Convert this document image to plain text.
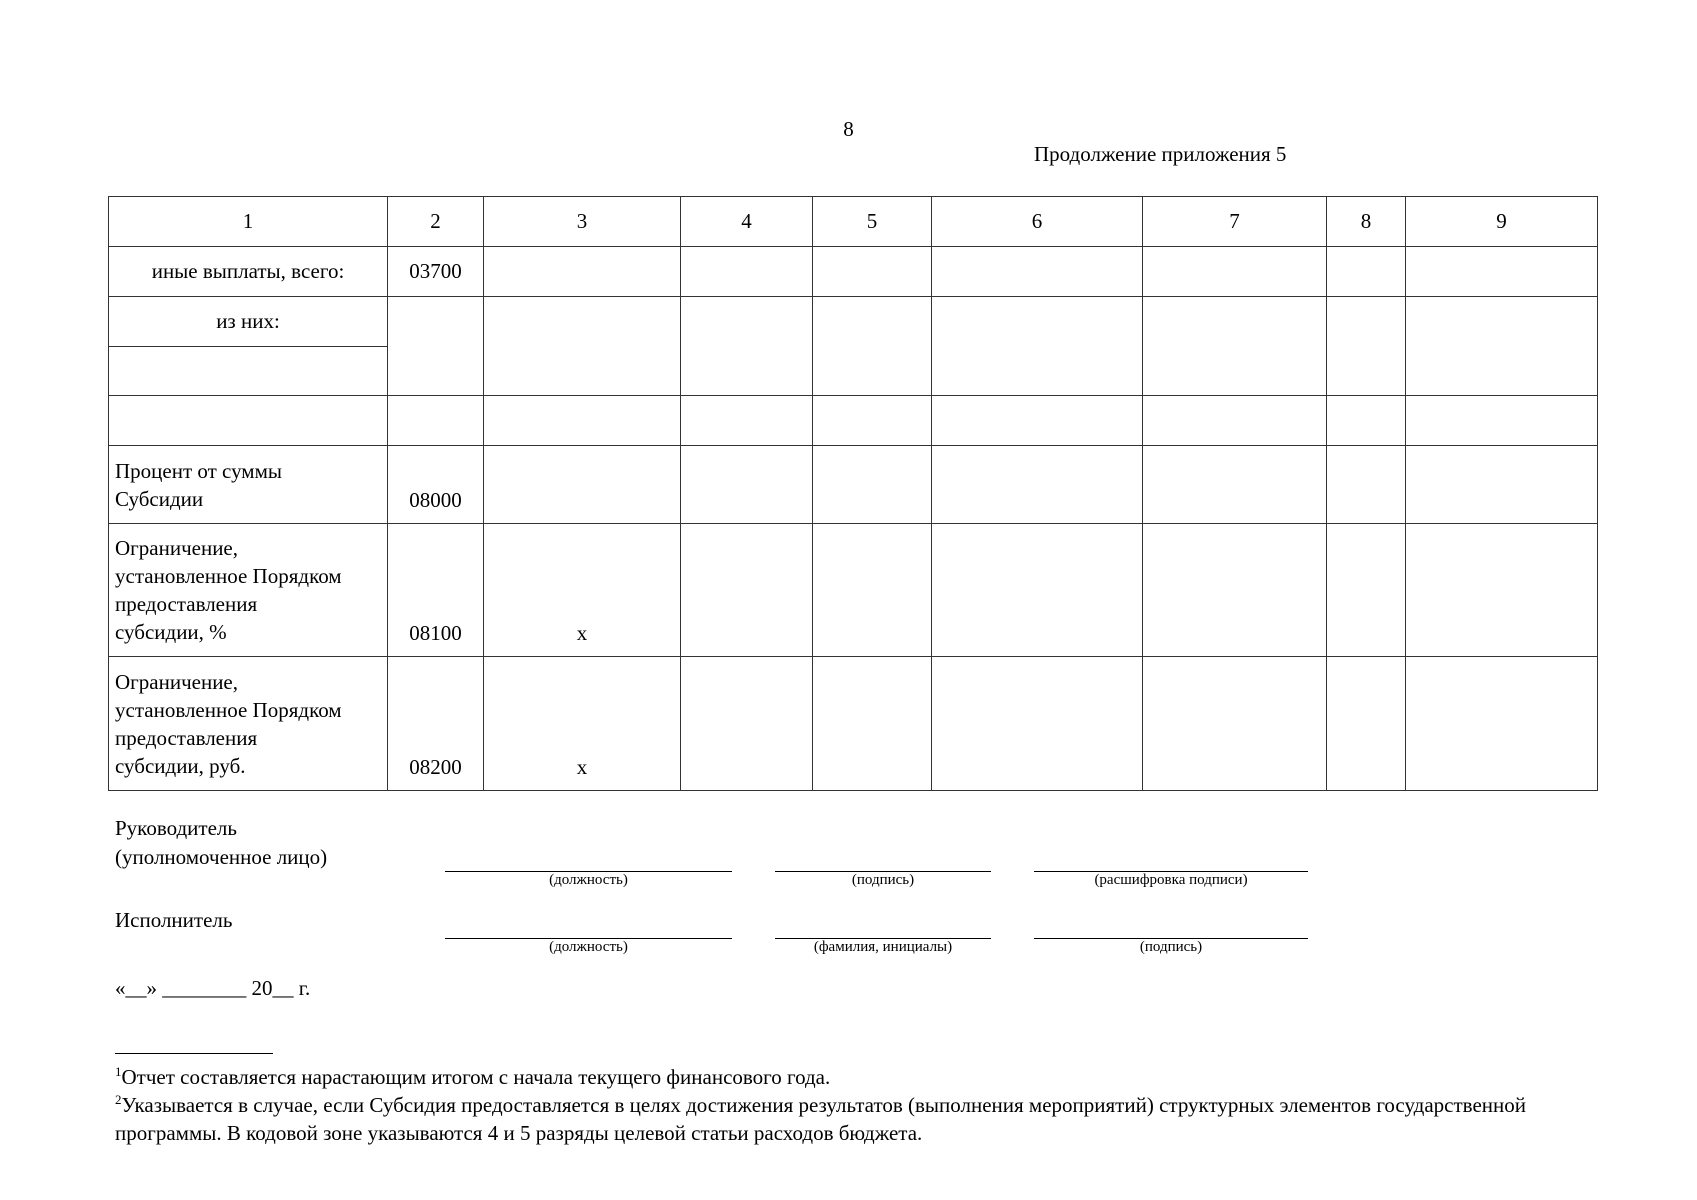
8
Продолжение приложения 5
1	2	3	4	5	6	7	8	9
иные выплаты, всего:	03700							
из них:								

Процент от суммы
Субсидии	08000							

Ограничение,
установленное Порядком
предоставления
субсидии, %	08100	x						

Ограничение,
установленное Порядком
предоставления
субсидии, руб.	08200	x						
Руководитель
(уполномоченное лицо)
(должность)	(подпись)	(расшифровка подписи)
Исполнитель
(должность)	(фамилия, инициалы)	(подпись)
«__» ________ 20__ г.
$^1$Отчет составляется нарастающим итогом с начала текущего финансового года.
$^2$Указывается в случае, если Субсидия предоставляется в целях достижения результатов (выполнения мероприятий) структурных элементов государственной программы. В кодовой зоне указываются 4 и 5 разряды целевой статьи расходов бюджета.
